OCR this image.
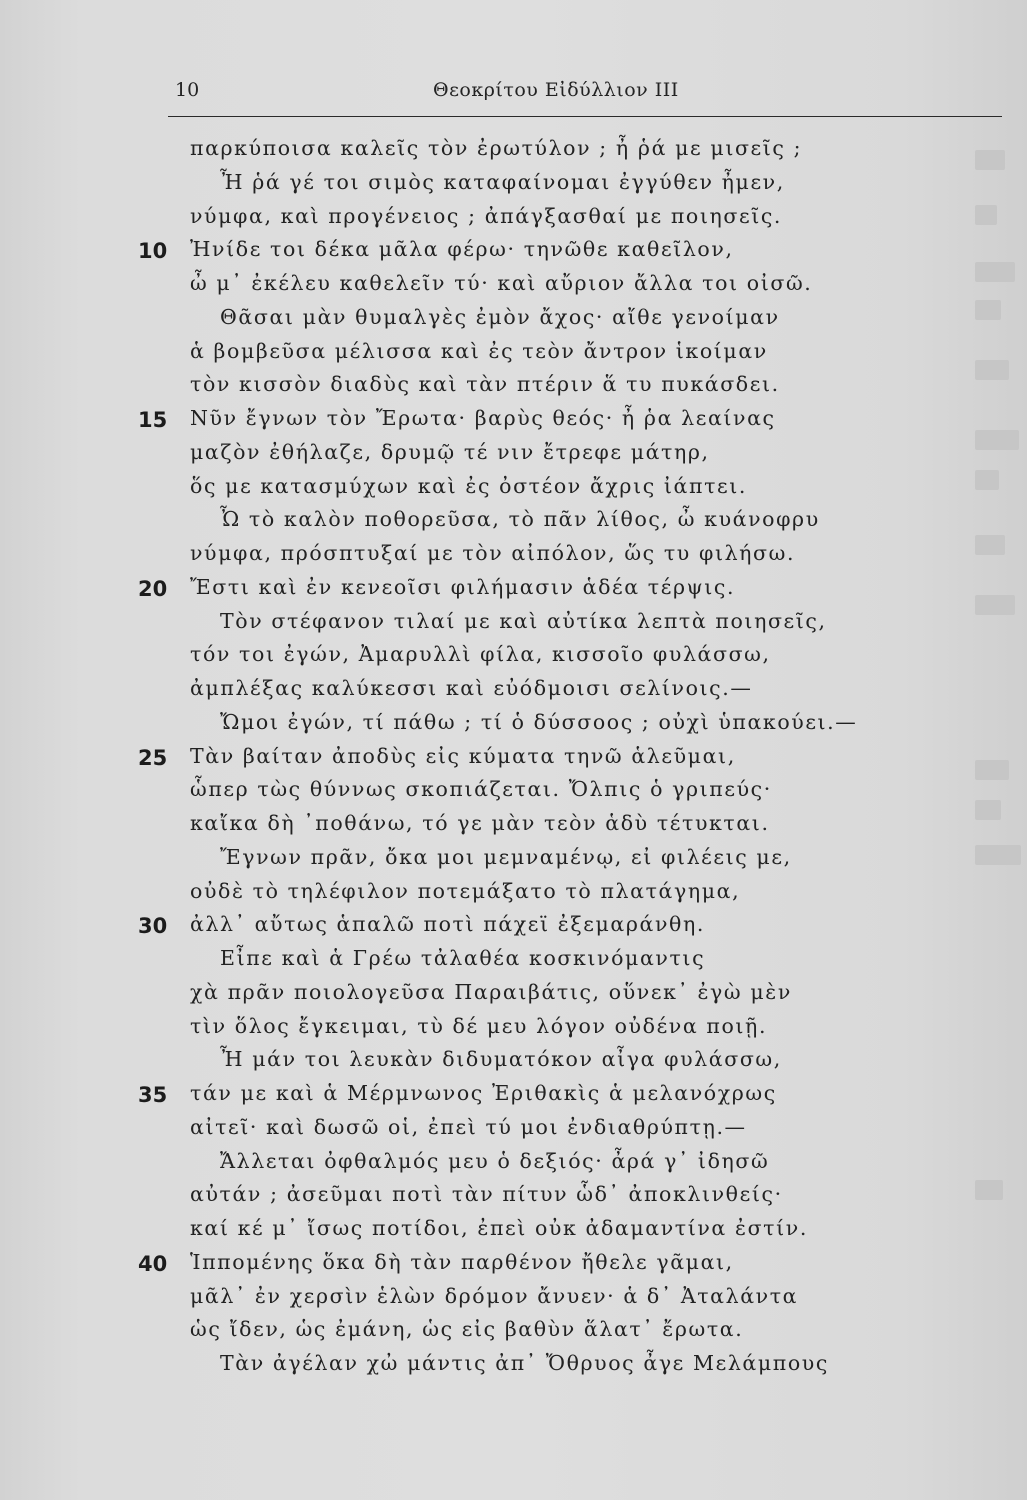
10	Θεοκρίτου Εἰδύλλιον ΙΙΙ
παρκύποισα καλεῖς τὸν ἐρωτύλον ; ἦ ῥά με μισεῖς ;
Ἦ ῥά γέ τοι σιμὸς καταφαίνομαι ἐγγύθεν ἦμεν,
νύμφα, καὶ προγένειος ; ἀπάγξασθαί με ποιησεῖς.
10	Ἠνίδε τοι δέκα μᾶλα φέρω· τηνῶθε καθεῖλον,
ὦ μ᾽ ἐκέλευ καθελεῖν τύ· καὶ αὔριον ἄλλα τοι οἰσῶ.
Θᾶσαι μὰν θυμαλγὲς ἐμὸν ἄχος· αἴθε γενοίμαν
ἁ βομβεῦσα μέλισσα καὶ ἐς τεὸν ἄντρον ἱκοίμαν
τὸν κισσὸν διαδὺς καὶ τὰν πτέριν ἅ τυ πυκάσδει.
15	Νῦν ἔγνων τὸν Ἔρωτα· βαρὺς θεός· ἦ ῥα λεαίνας
μαζὸν ἐθήλαζε, δρυμῷ τέ νιν ἔτρεφε μάτηρ,
ὅς με κατασμύχων καὶ ἐς ὀστέον ἄχρις ἰάπτει.
Ὦ τὸ καλὸν ποθορεῦσα, τὸ πᾶν λίθος, ὦ κυάνοφρυ
νύμφα, πρόσπτυξαί με τὸν αἰπόλον, ὥς τυ φιλήσω.
20	Ἔστι καὶ ἐν κενεοῖσι φιλήμασιν ἁδέα τέρψις.
Τὸν στέφανον τιλαί με καὶ αὐτίκα λεπτὰ ποιησεῖς,
τόν τοι ἐγών, Ἀμαρυλλὶ φίλα, κισσοῖο φυλάσσω,
ἀμπλέξας καλύκεσσι καὶ εὐόδμοισι σελίνοις.—
Ὤμοι ἐγών, τί πάθω ; τί ὁ δύσσοος ; οὐχὶ ὑπακούει.—
25	Τὰν βαίταν ἀποδὺς εἰς κύματα τηνῶ ἁλεῦμαι,
ὧπερ τὼς θύννως σκοπιάζεται. Ὄλπις ὁ γριπεύς·
καἴκα δὴ ᾽ποθάνω, τό γε μὰν τεὸν ἁδὺ τέτυκται.
Ἔγνων πρᾶν, ὄκα μοι μεμναμένῳ, εἰ φιλέεις με,
οὐδὲ τὸ τηλέφιλον ποτεμάξατο τὸ πλατάγημα,
30	ἀλλ᾽ αὔτως ἁπαλῶ ποτὶ πάχεϊ ἐξεμαράνθη.
Εἶπε καὶ ἁ Γρέω τἀλαθέα κοσκινόμαντις
χὰ πρᾶν ποιολογεῦσα Παραιβάτις, οὕνεκ᾽ ἐγὼ μὲν
τὶν ὅλος ἔγκειμαι, τὺ δέ μευ λόγον οὐδένα ποιῇ.
Ἦ μάν τοι λευκὰν διδυματόκον αἶγα φυλάσσω,
35	τάν με καὶ ἁ Μέρμνωνος Ἐριθακὶς ἁ μελανόχρως
αἰτεῖ· καὶ δωσῶ οἱ, ἐπεὶ τύ μοι ἐνδιαθρύπτῃ.—
Ἄλλεται ὀφθαλμός μευ ὁ δεξιός· ἆρά γ᾽ ἰδησῶ
αὐτάν ; ἀσεῦμαι ποτὶ τὰν πίτυν ὧδ᾽ ἀποκλινθείς·
καί κέ μ᾽ ἴσως ποτίδοι, ἐπεὶ οὐκ ἀδαμαντίνα ἐστίν.
40	Ἱππομένης ὅκα δὴ τὰν παρθένον ἤθελε γᾶμαι,
μᾶλ᾽ ἐν χερσὶν ἑλὼν δρόμον ἄνυεν· ἁ δ᾽ Ἀταλάντα
ὡς ἴδεν, ὡς ἐμάνη, ὡς εἰς βαθὺν ἅλατ᾽ ἔρωτα.
Τὰν ἀγέλαν χὠ μάντις ἀπ᾽ Ὄθρυος ἆγε Μελάμπους
